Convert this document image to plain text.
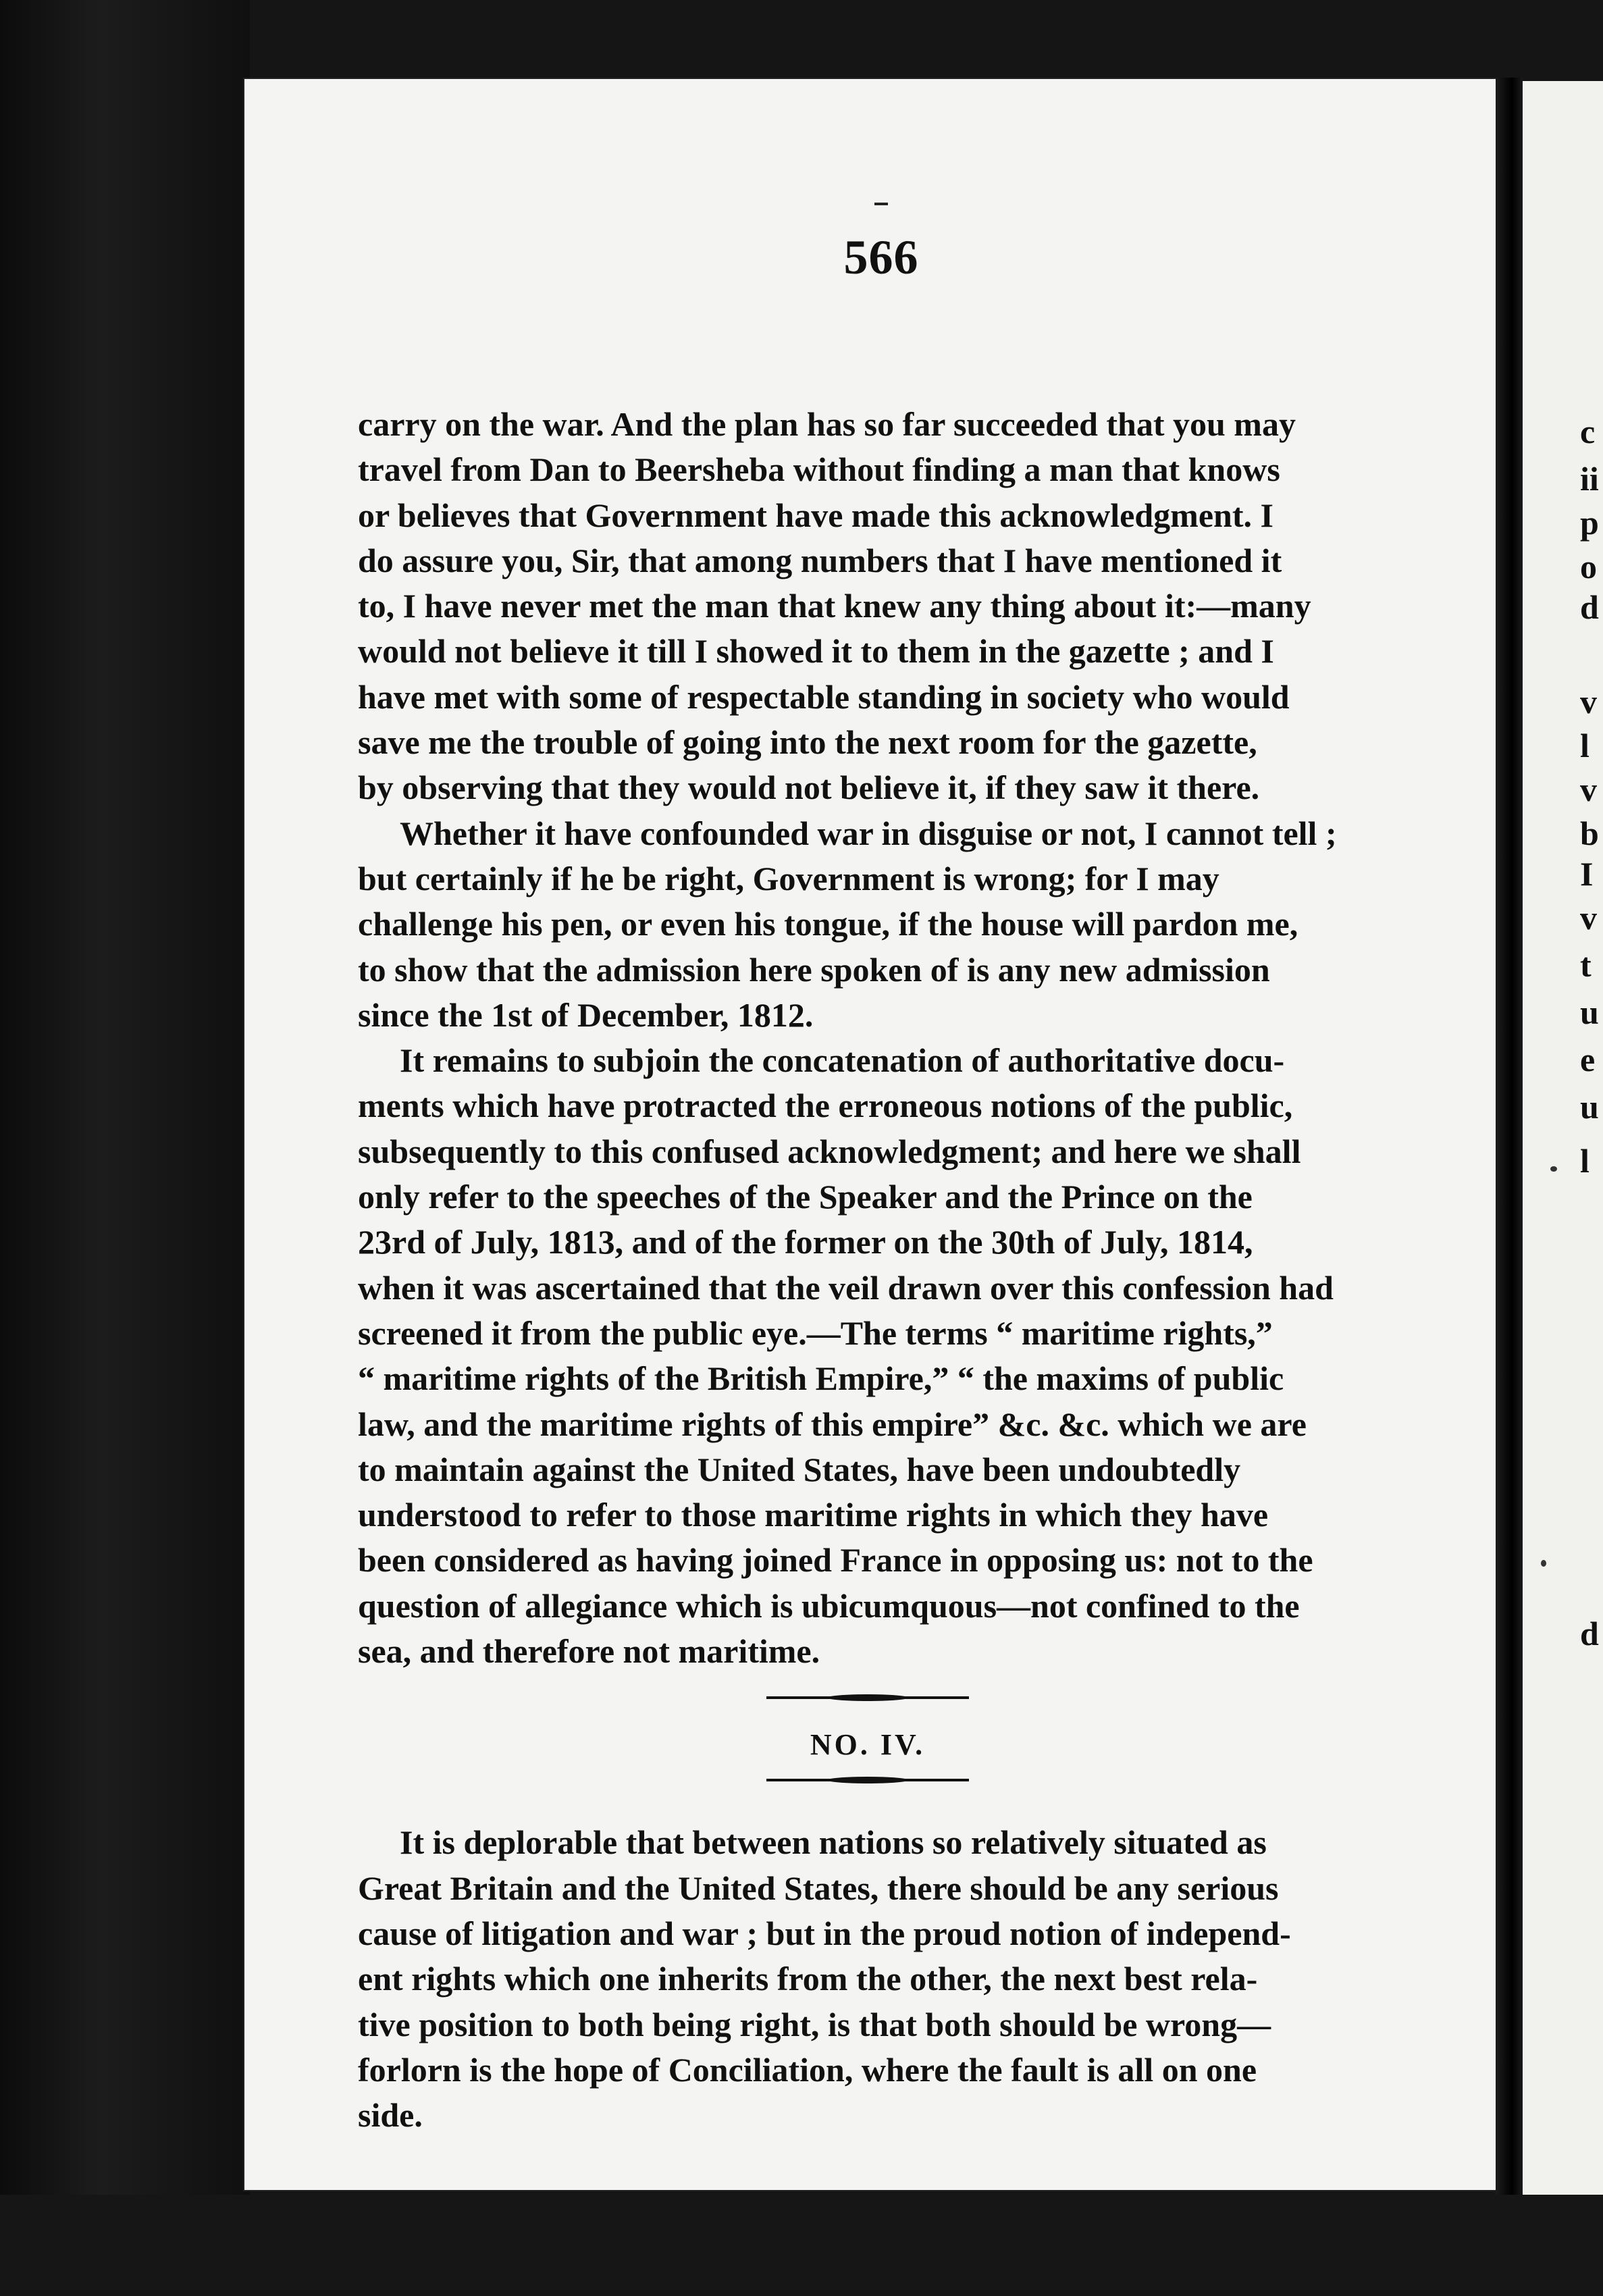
566

carry on the war. And the plan has so far succeeded that you may
travel from Dan to Beersheba without finding a man that knows
or believes that Government have made this acknowledgment. I
do assure you, Sir, that among numbers that I have mentioned it
to, I have never met the man that knew any thing about it:—many
would not believe it till I showed it to them in the gazette ; and I
have met with some of respectable standing in society who would
save me the trouble of going into the next room for the gazette,
by observing that they would not believe it, if they saw it there.

Whether it have confounded war in disguise or not, I cannot tell ;
but certainly if he be right, Government is wrong; for I may
challenge his pen, or even his tongue, if the house will pardon me,
to show that the admission here spoken of is any new admission
since the 1st of December, 1812.

It remains to subjoin the concatenation of authoritative docu-
ments which have protracted the erroneous notions of the public,
subsequently to this confused acknowledgment; and here we shall
only refer to the speeches of the Speaker and the Prince on the
23rd of July, 1813, and of the former on the 30th of July, 1814,
when it was ascertained that the veil drawn over this confession had
screened it from the public eye.—The terms “ maritime rights,”
“ maritime rights of the British Empire,” “ the maxims of public
law, and the maritime rights of this empire” &c. &c. which we are
to maintain against the United States, have been undoubtedly
understood to refer to those maritime rights in which they have
been considered as having joined France in opposing us: not to the
question of allegiance which is ubicumquous—not confined to the
sea, and therefore not maritime.

NO. IV.

It is deplorable that between nations so relatively situated as
Great Britain and the United States, there should be any serious
cause of litigation and war ; but in the proud notion of independ-
ent rights which one inherits from the other, the next best rela-
tive position to both being right, is that both should be wrong—
forlorn is the hope of Conciliation, where the fault is all on one
side.

c
ii
p
o
d
v
l
v
b
I
v
t
u
e
u
l
d
